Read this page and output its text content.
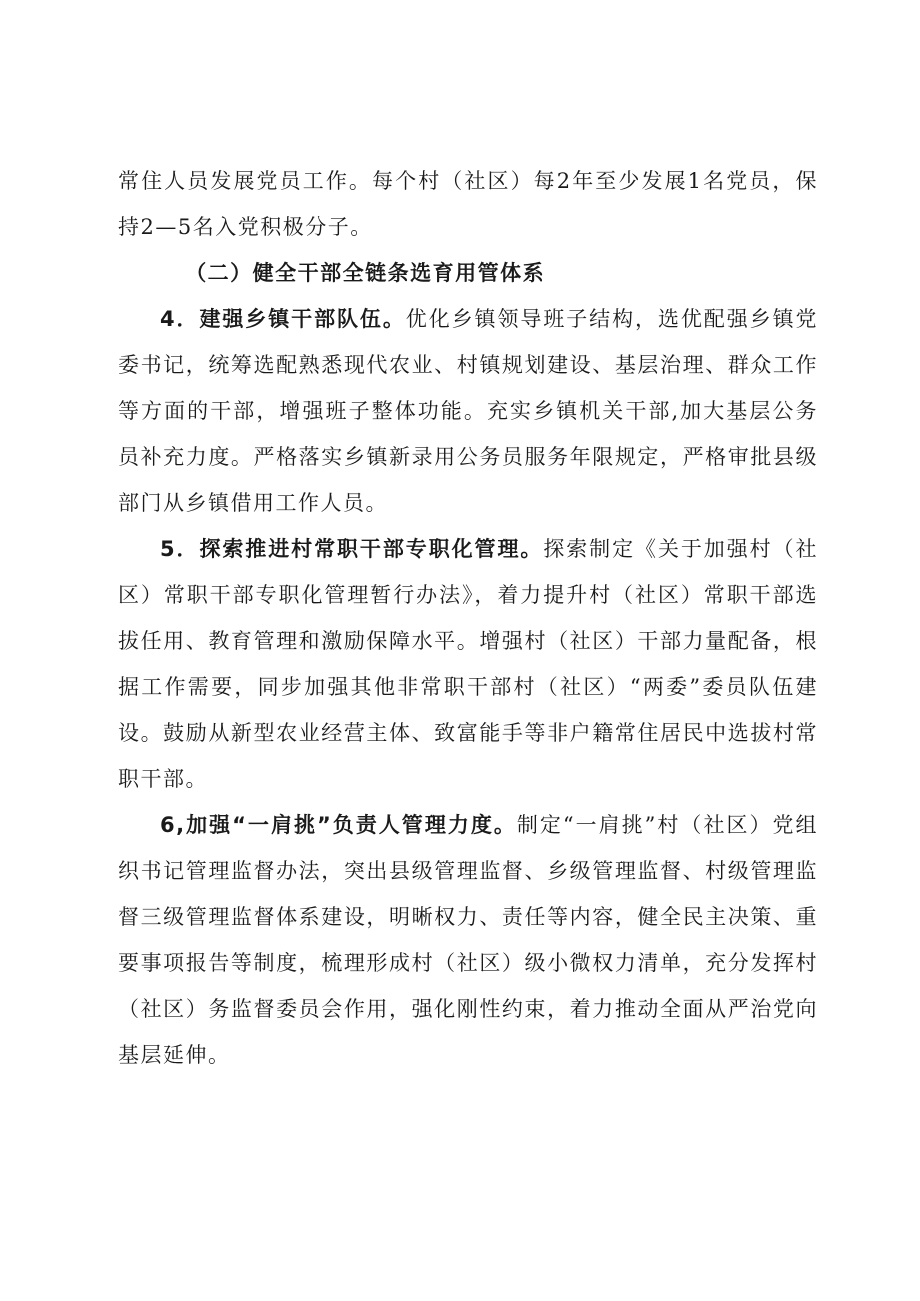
常住人员发展党员工作。每个村（社区）每2年至少发展1名党员，保持2—5名入党积极分子。

（二）健全干部全链条选育用管体系

4．建强乡镇干部队伍。优化乡镇领导班子结构，选优配强乡镇党委书记，统筹选配熟悉现代农业、村镇规划建设、基层治理、群众工作等方面的干部，增强班子整体功能。充实乡镇机关干部,加大基层公务员补充力度。严格落实乡镇新录用公务员服务年限规定，严格审批县级部门从乡镇借用工作人员。

5．探索推进村常职干部专职化管理。探索制定《关于加强村（社区）常职干部专职化管理暂行办法》，着力提升村（社区）常职干部选拔任用、教育管理和激励保障水平。增强村（社区）干部力量配备，根据工作需要，同步加强其他非常职干部村（社区）“两委”委员队伍建设。鼓励从新型农业经营主体、致富能手等非户籍常住居民中选拔村常职干部。

6,加强“一肩挑”负责人管理力度。制定“一肩挑”村（社区）党组织书记管理监督办法，突出县级管理监督、乡级管理监督、村级管理监督三级管理监督体系建设，明晰权力、责任等内容，健全民主决策、重要事项报告等制度，梳理形成村（社区）级小微权力清单，充分发挥村（社区）务监督委员会作用，强化刚性约束，着力推动全面从严治党向基层延伸。
